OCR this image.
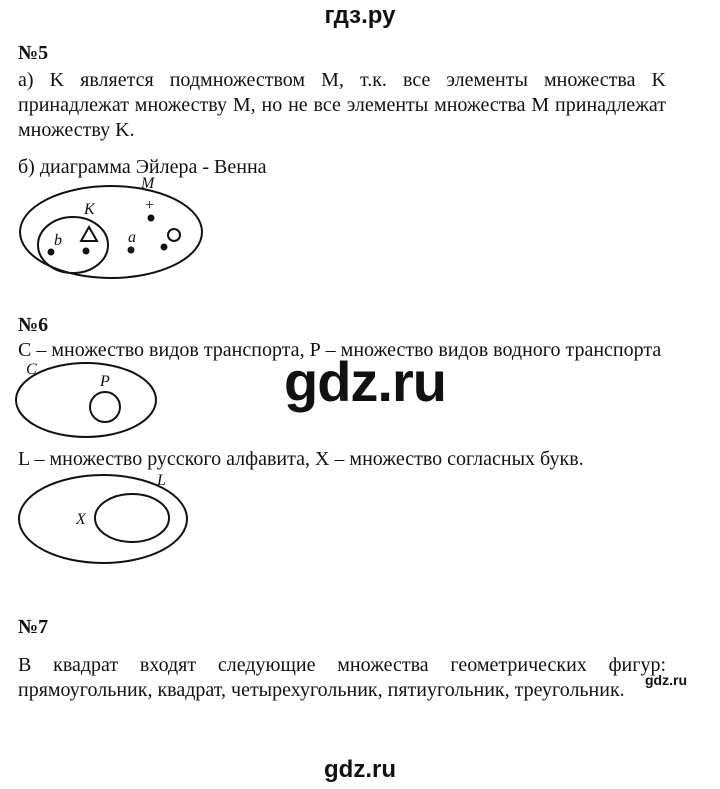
гдз.ру
№5
а) K является подмножеством M, т.к. все элементы множества K
принадлежат множеству M, но не все элементы множества M принадлежат
множеству K.
б) диаграмма Эйлера - Венна
M
K
b	a
+
№6
С – множество видов транспорта, Р – множество видов водного транспорта
C
P
L – множество русского алфавита, Х – множество согласных букв.
L
X
gdz.ru
№7
В квадрат входят следующие множества геометрических фигур:
прямоугольник, квадрат, четырехугольник, пятиугольник, треугольник. gdz.ru
gdz.ru
